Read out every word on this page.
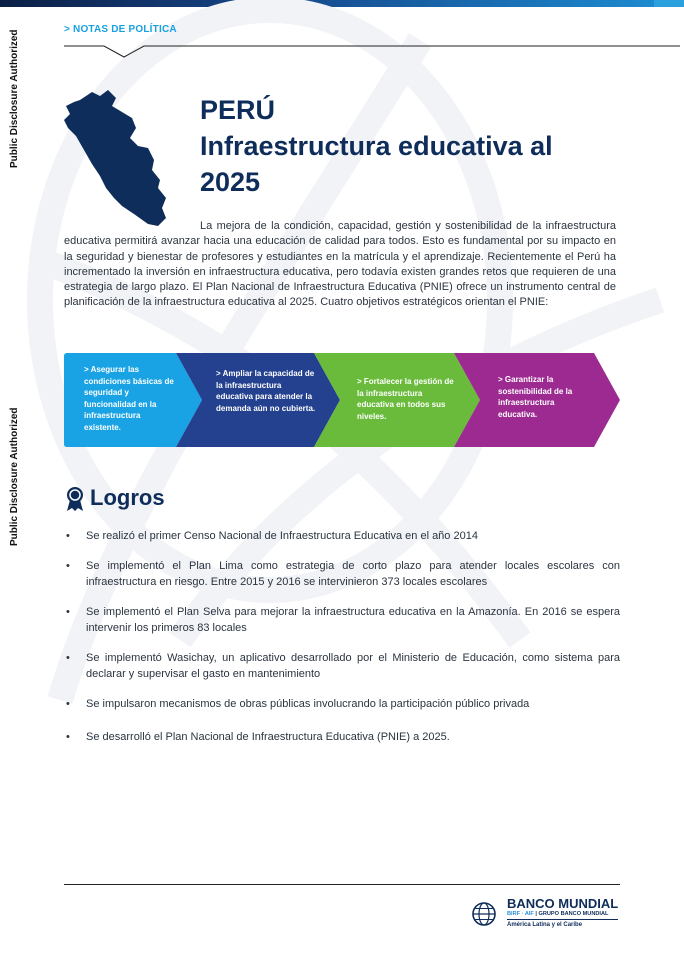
> NOTAS DE POLÍTICA
Public Disclosure Authorized
Public Disclosure Authorized
PERÚ
Infraestructura educativa al
2025
La mejora de la condición, capacidad, gestión y sostenibilidad de la infraestructura educativa permitirá avanzar hacia una educación de calidad para todos. Esto es fundamental por su impacto en la seguridad y bienestar de profesores y estudiantes en la matrícula y el aprendizaje. Recientemente el Perú ha incrementado la inversión en infraestructura educativa, pero todavía existen grandes retos que requieren de una estrategia de largo plazo. El Plan Nacional de Infraestructura Educativa (PNIE) ofrece un instrumento central de planificación de la infraestructura educativa al 2025. Cuatro objetivos estratégicos orientan el PNIE:
> Asegurar las condiciones básicas de seguridad y funcionalidad en la infraestructura existente.
> Ampliar la capacidad de la infraestructura educativa para atender la demanda aún no cubierta.
> Fortalecer la gestión de la infraestructura educativa en todos sus niveles.
> Garantizar la sostenibilidad de la infraestructura educativa.
Logros
• Se realizó el primer Censo Nacional de Infraestructura Educativa en el año 2014
• Se implementó el Plan Lima como estrategia de corto plazo para atender locales escolares con infraestructura en riesgo. Entre 2015 y 2016 se intervinieron 373 locales escolares
• Se implementó el Plan Selva para mejorar la infraestructura educativa en la Amazonía. En 2016 se espera intervenir los primeros 83 locales
• Se implementó Wasichay, un aplicativo desarrollado por el Ministerio de Educación, como sistema para declarar y supervisar el gasto en mantenimiento
• Se impulsaron mecanismos de obras públicas involucrando la participación público privada
• Se desarrolló el Plan Nacional de Infraestructura Educativa (PNIE) a 2025.
BANCO MUNDIAL
BIRF · AIF | GRUPO BANCO MUNDIAL
América Latina y el Caribe
